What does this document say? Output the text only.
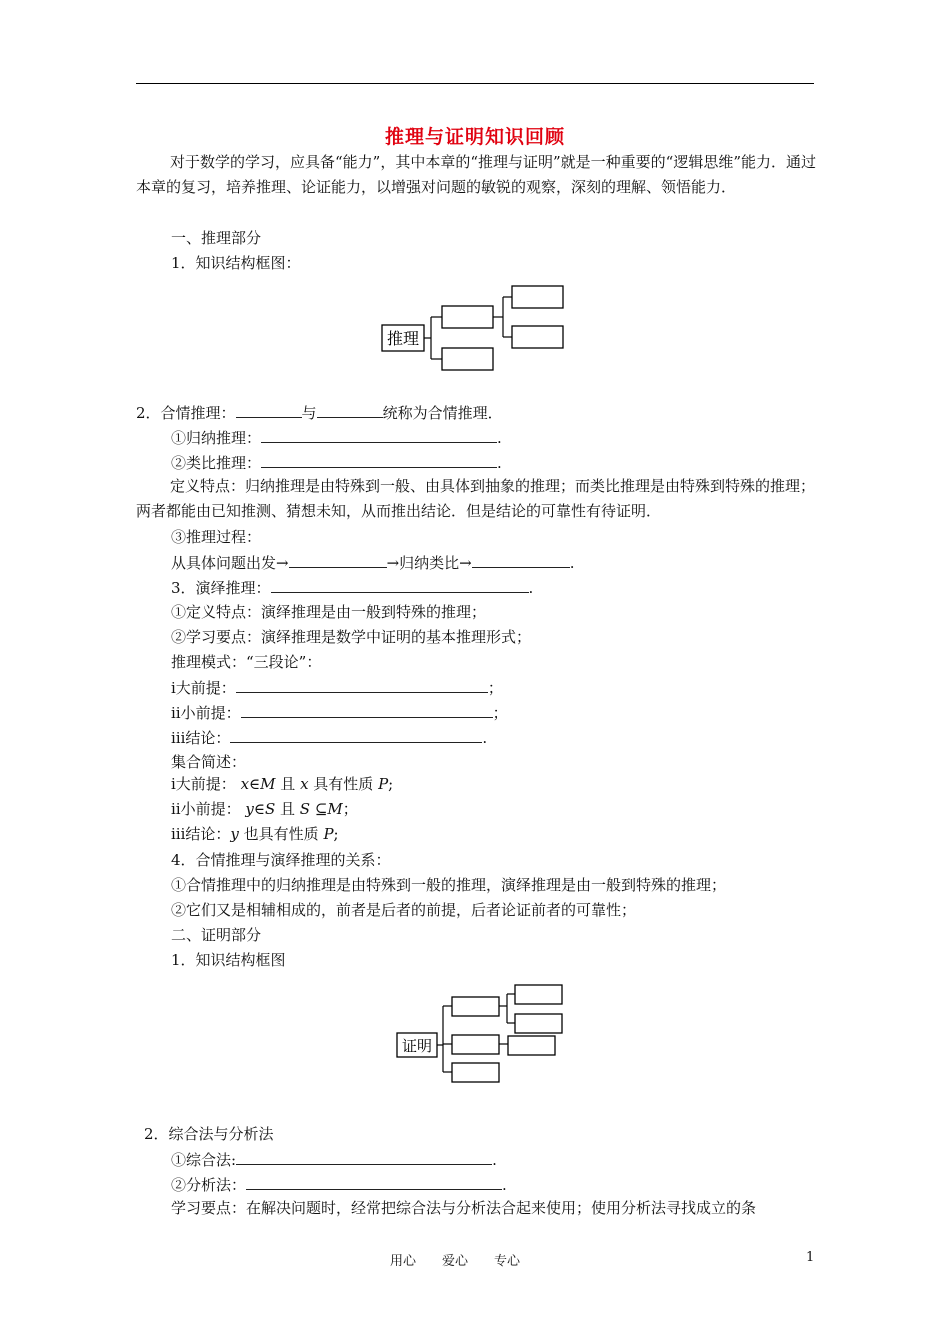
推理与证明知识回顾
对于数学的学习，应具备“能力”，其中本章的“推理与证明”就是一种重要的“逻辑思维”能力．通过本章的复习，培养推理、论证能力，以增强对问题的敏锐的观察，深刻的理解、领悟能力．
一、推理部分
1．知识结构框图：
推理
2．合情推理：	与	统称为合情推理．
①归纳推理：	.
②类比推理：	.
定义特点：归纳推理是由特殊到一般、由具体到抽象的推理；而类比推理是由特殊到特殊的推理；两者都能由已知推测、猜想未知，从而推出结论．但是结论的可靠性有待证明．
③推理过程：
从具体问题出发→	→归纳类比→	.
3．演绎推理：	.
①定义特点：演绎推理是由一般到特殊的推理；
②学习要点：演绎推理是数学中证明的基本推理形式；
推理模式：“三段论”：
ⅰ大前提：	；
ⅱ小前提：	；
ⅲ结论：	.
集合简述：
ⅰ大前提： x∈M 且 x 具有性质 P;
ⅱ小前提： y∈S 且 S ⊆M；
ⅲ结论：y 也具有性质 P;
4．合情推理与演绎推理的关系：
①合情推理中的归纳推理是由特殊到一般的推理，演绎推理是由一般到特殊的推理；
②它们又是相辅相成的，前者是后者的前提，后者论证前者的可靠性；
二、证明部分
1．知识结构框图
证明
2．综合法与分析法
①综合法:	.
②分析法：	.
学习要点：在解决问题时，经常把综合法与分析法合起来使用；使用分析法寻找成立的条
用心　　爱心　　专心	1
